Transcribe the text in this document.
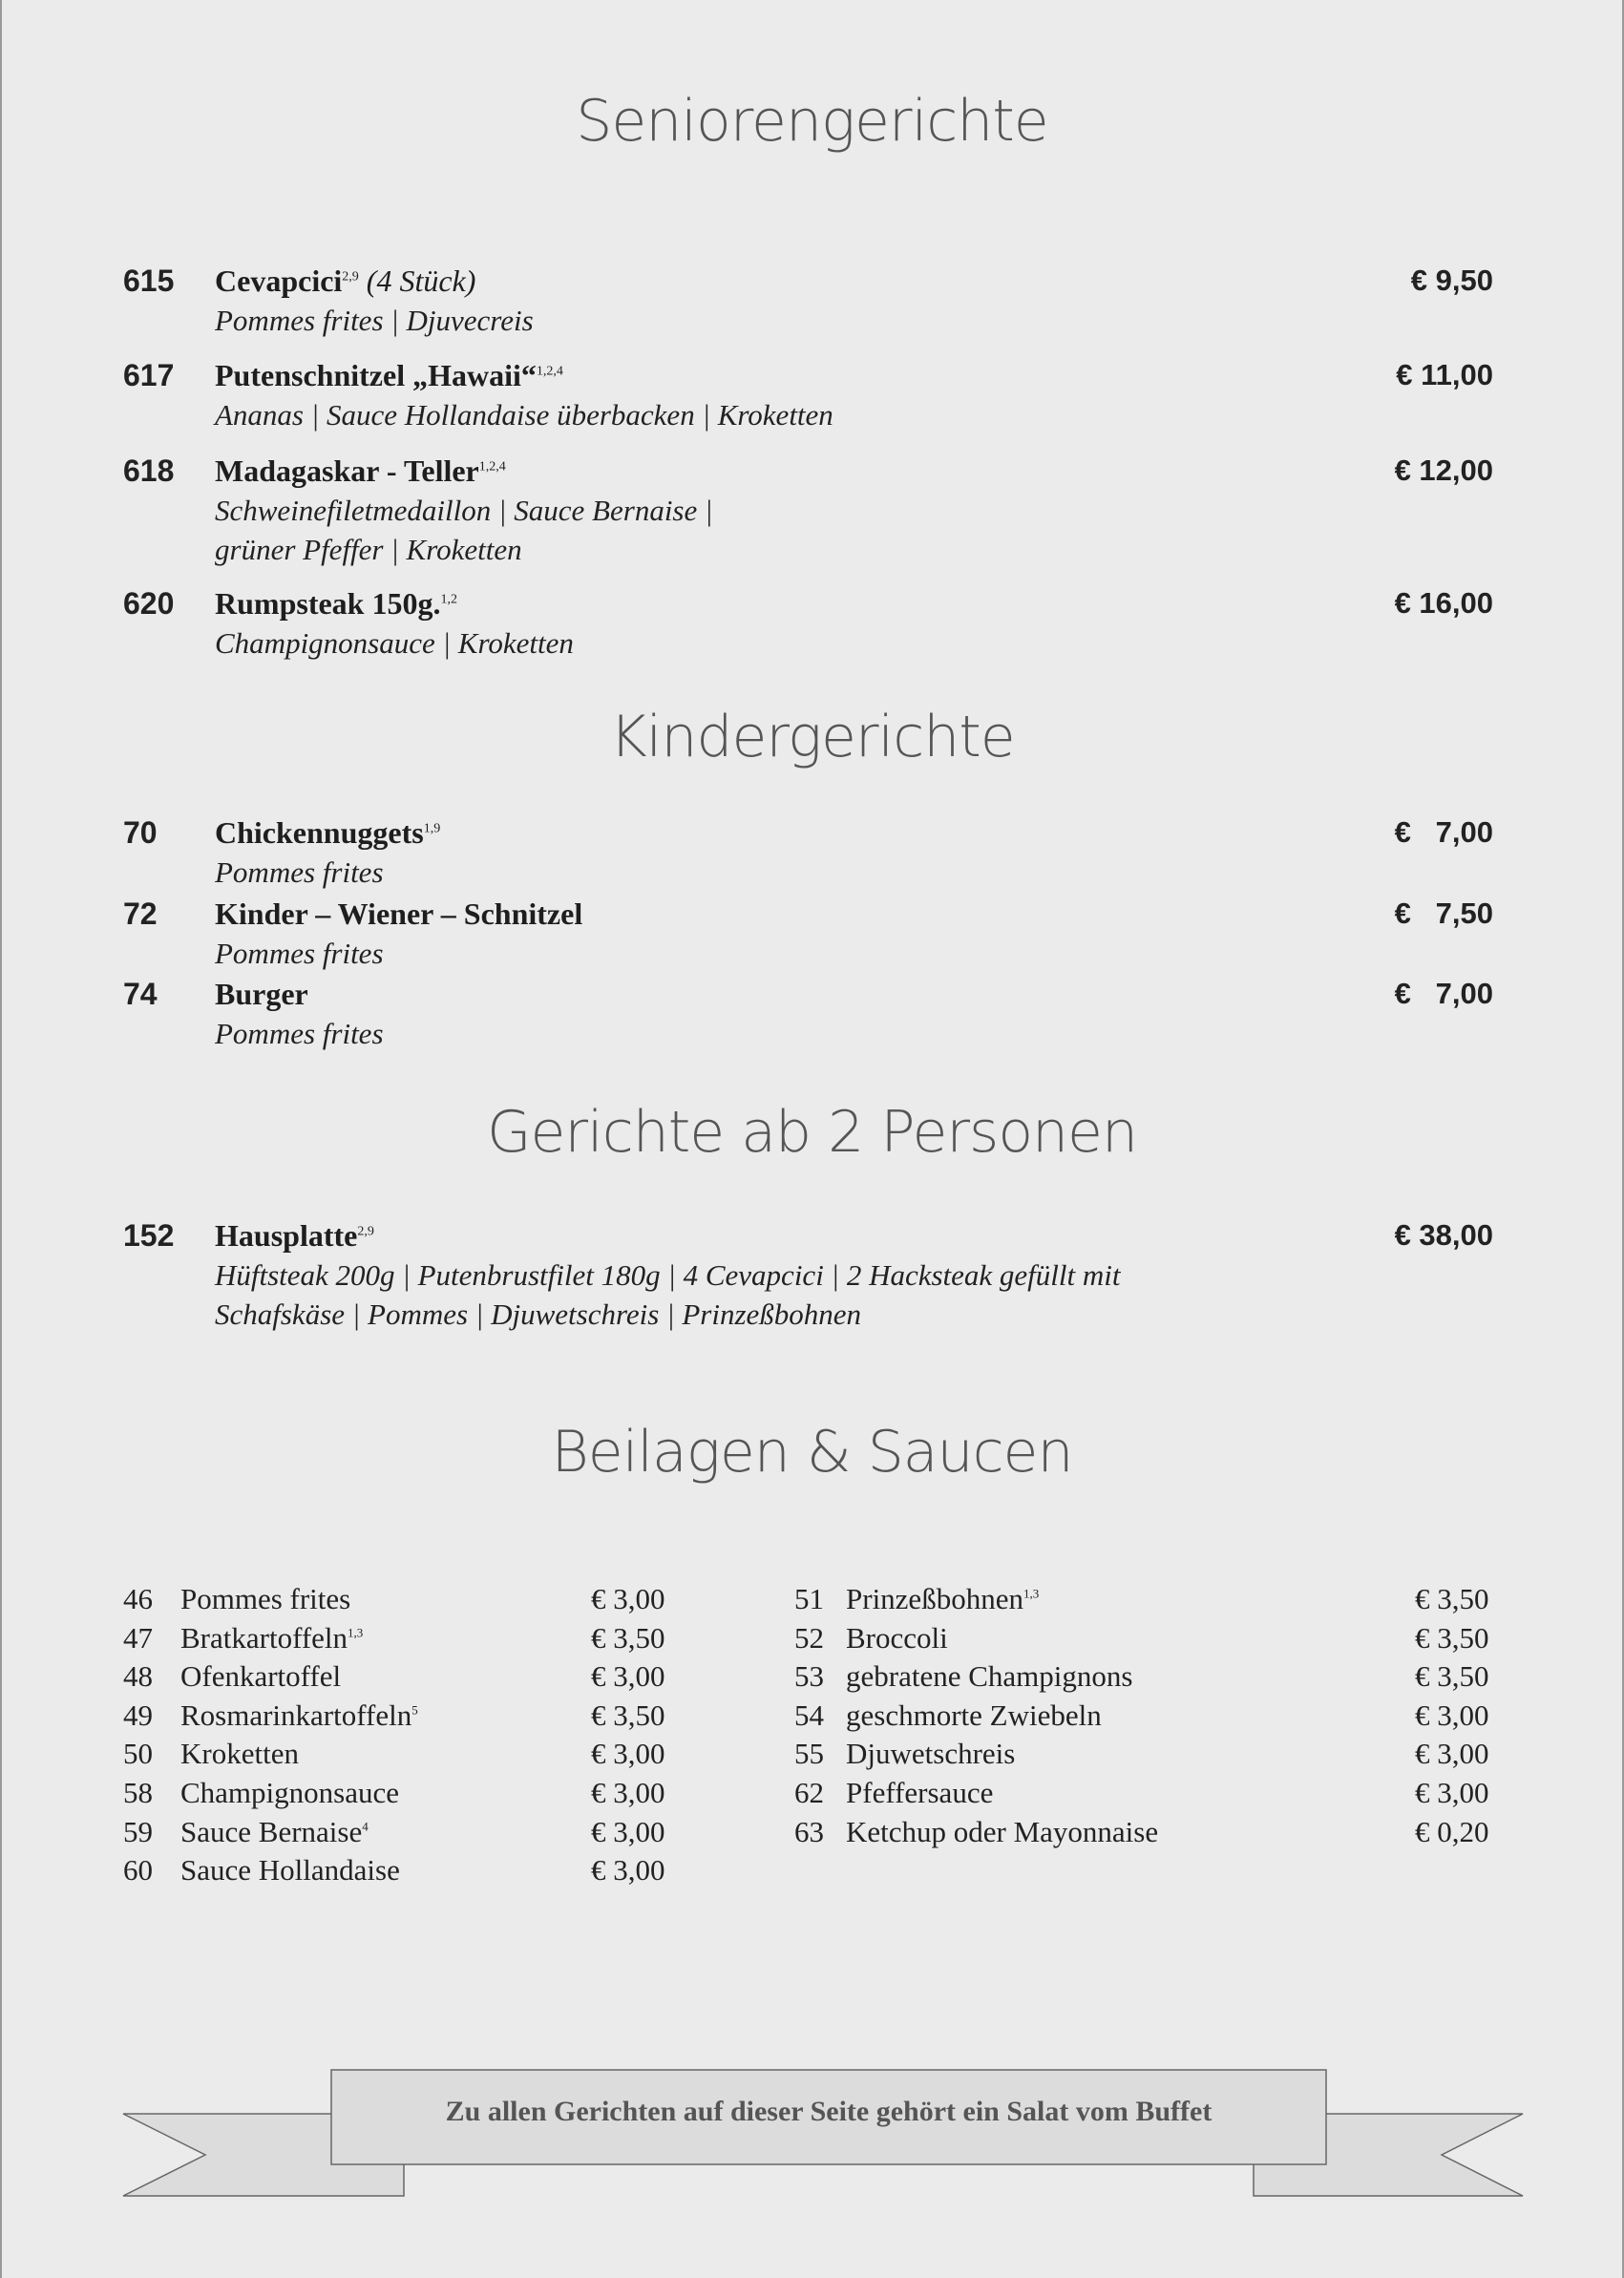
Seniorengerichte
615 Cevapcici$^{2,9}$ (4 Stück)	€ 9,50
Pommes frites | Djuvecreis
617 Putenschnitzel „Hawaii“$^{1,2,4}$	€ 11,00
Ananas | Sauce Hollandaise überbacken | Kroketten
618 Madagaskar - Teller$^{1,2,4}$	€ 12,00
Schweinefiletmedaillon | Sauce Bernaise |
grüner Pfeffer | Kroketten
620 Rumpsteak 150g.$^{1,2}$	€ 16,00
Champignonsauce | Kroketten
Kindergerichte
70 Chickennuggets$^{1,9}$	€   7,00
Pommes frites
72 Kinder – Wiener – Schnitzel	€   7,50
Pommes frites
74 Burger	€   7,00
Pommes frites
Gerichte ab 2 Personen
152 Hausplatte$^{2,9}$	€ 38,00
Hüftsteak 200g | Putenbrustfilet 180g | 4 Cevapcici | 2 Hacksteak gefüllt mit
Schafskäse | Pommes | Djuwetschreis | Prinzeßbohnen
Beilagen & Saucen
46 Pommes frites	€ 3,00
47 Bratkartoffeln$^{1,3}$	€ 3,50
48 Ofenkartoffel	€ 3,00
49 Rosmarinkartoffeln$^5$	€ 3,50
50 Kroketten	€ 3,00
58 Champignonsauce	€ 3,00
59 Sauce Bernaise$^4$	€ 3,00
60 Sauce Hollandaise	€ 3,00
51 Prinzeßbohnen$^{1,3}$	€ 3,50
52 Broccoli	€ 3,50
53 gebratene Champignons	€ 3,50
54 geschmorte Zwiebeln	€ 3,00
55 Djuwetschreis	€ 3,00
62 Pfeffersauce	€ 3,00
63 Ketchup oder Mayonnaise	€ 0,20
Zu allen Gerichten auf dieser Seite gehört ein Salat vom Buffet
